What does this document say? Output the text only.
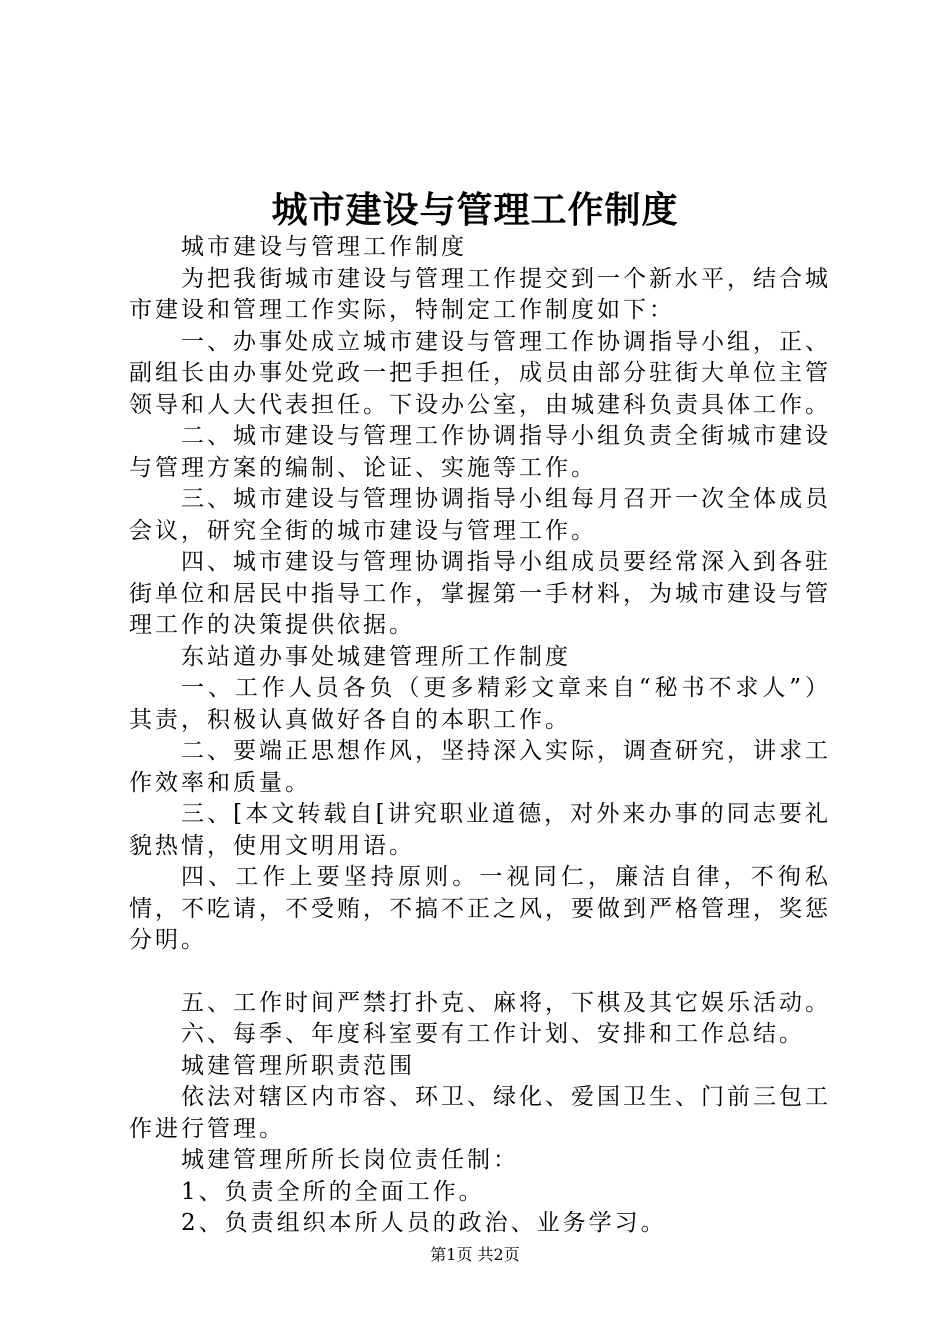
城市建设与管理工作制度

城市建设与管理工作制度

为把我街城市建设与管理工作提交到一个新水平，结合城市建设和管理工作实际，特制定工作制度如下：

一、办事处成立城市建设与管理工作协调指导小组，正、副组长由办事处党政一把手担任，成员由部分驻街大单位主管领导和人大代表担任。下设办公室，由城建科负责具体工作。

二、城市建设与管理工作协调指导小组负责全街城市建设与管理方案的编制、论证、实施等工作。

三、城市建设与管理协调指导小组每月召开一次全体成员会议，研究全街的城市建设与管理工作。

四、城市建设与管理协调指导小组成员要经常深入到各驻街单位和居民中指导工作，掌握第一手材料，为城市建设与管理工作的决策提供依据。

东站道办事处城建管理所工作制度

一、工作人员各负（更多精彩文章来自“秘书不求人”）其责，积极认真做好各自的本职工作。

二、要端正思想作风，坚持深入实际，调查研究，讲求工作效率和质量。

三、[本文转载自[讲究职业道德，对外来办事的同志要礼貌热情，使用文明用语。

四、工作上要坚持原则。一视同仁，廉洁自律，不徇私情，不吃请，不受贿，不搞不正之风，要做到严格管理，奖惩分明。

五、工作时间严禁打扑克、麻将，下棋及其它娱乐活动。

六、每季、年度科室要有工作计划、安排和工作总结。

城建管理所职责范围

依法对辖区内市容、环卫、绿化、爱国卫生、门前三包工作进行管理。

城建管理所所长岗位责任制：

1、负责全所的全面工作。

2、负责组织本所人员的政治、业务学习。

第1页 共2页
